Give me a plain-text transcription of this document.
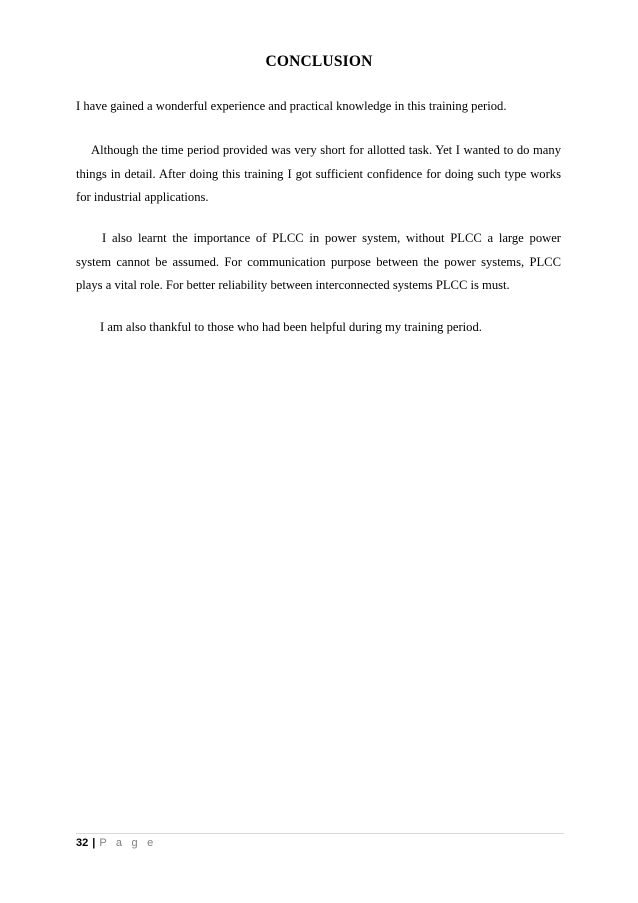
CONCLUSION

I have gained a wonderful experience and practical knowledge in this training period.

Although the time period provided was very short for allotted task. Yet I wanted to do many things in detail. After doing this training I got sufficient confidence for doing such type works for industrial applications.

I also learnt the importance of PLCC in power system, without PLCC a large power system cannot be assumed. For communication purpose between the power systems, PLCC plays a vital role. For better reliability between interconnected systems PLCC is must.

I am also thankful to those who had been helpful during my training period.

32 | P a g e
